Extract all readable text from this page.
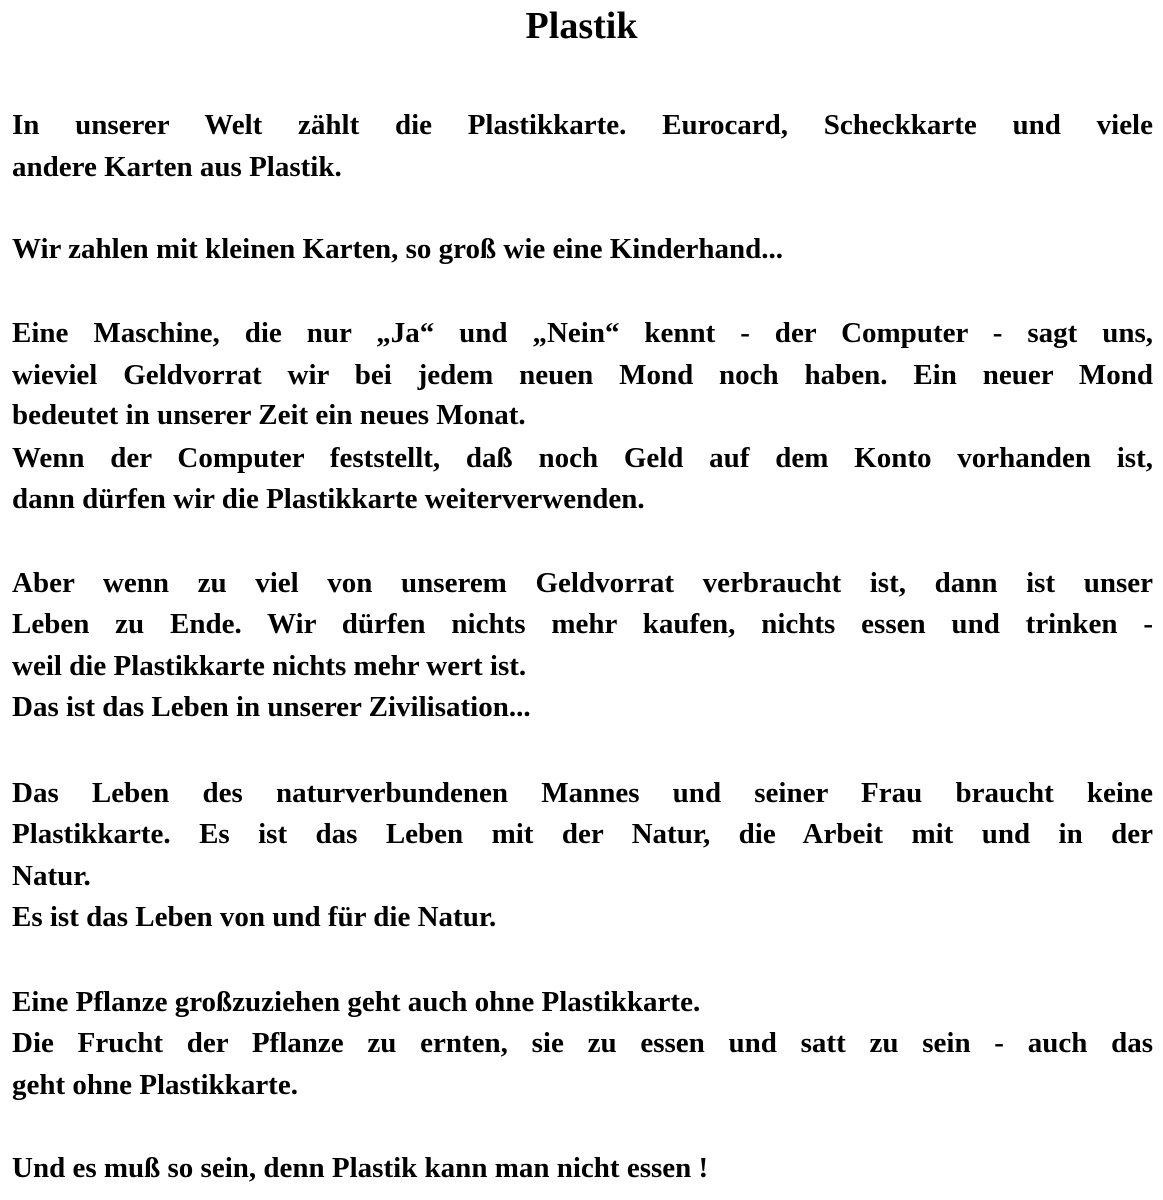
Plastik
In unserer Welt zählt die Plastikkarte. Eurocard, Scheckkarte und viele
andere Karten aus Plastik.
Wir zahlen mit kleinen Karten, so groß wie eine Kinderhand...
Eine Maschine, die nur „Ja“ und „Nein“ kennt - der Computer - sagt uns,
wieviel Geldvorrat wir bei jedem neuen Mond noch haben. Ein neuer Mond
bedeutet in unserer Zeit ein neues Monat.
Wenn der Computer feststellt, daß noch Geld auf dem Konto vorhanden ist,
dann dürfen wir die Plastikkarte weiterverwenden.
Aber wenn zu viel von unserem Geldvorrat verbraucht ist, dann ist unser
Leben zu Ende. Wir dürfen nichts mehr kaufen, nichts essen und trinken -
weil die Plastikkarte nichts mehr wert ist.
Das ist das Leben in unserer Zivilisation...
Das Leben des naturverbundenen Mannes und seiner Frau braucht keine
Plastikkarte. Es ist das Leben mit der Natur, die Arbeit mit und in der
Natur.
Es ist das Leben von und für die Natur.
Eine Pflanze großzuziehen geht auch ohne Plastikkarte.
Die Frucht der Pflanze zu ernten, sie zu essen und satt zu sein - auch das
geht ohne Plastikkarte.
Und es muß so sein, denn Plastik kann man nicht essen !
